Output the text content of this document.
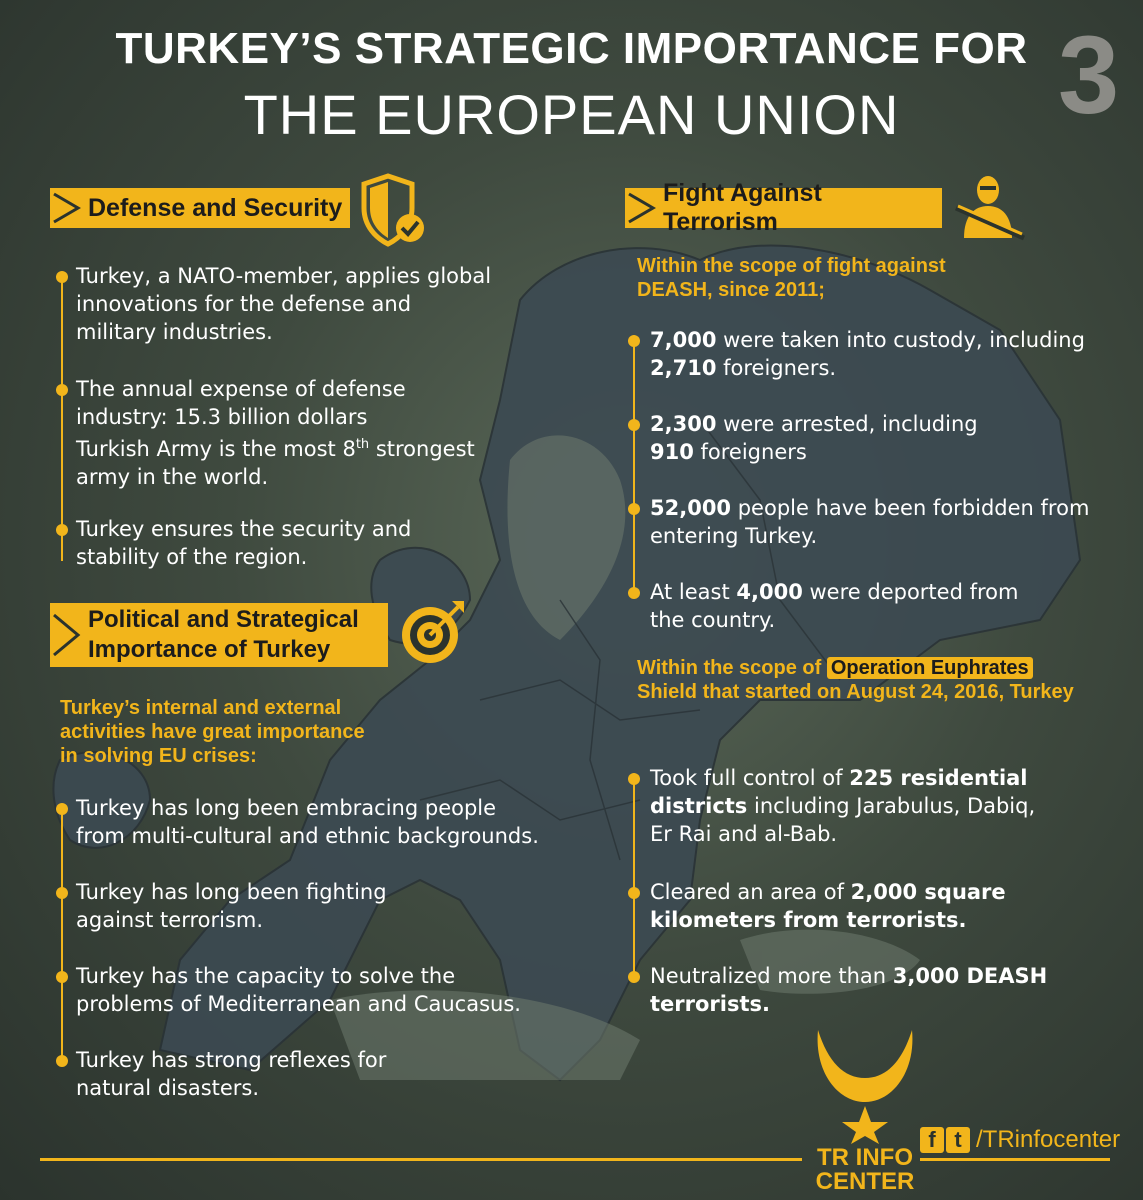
TURKEY’S STRATEGIC IMPORTANCE FOR
THE EUROPEAN UNION	3
Defense and Security
Turkey, a NATO-member, applies global
innovations for the defense and
military industries.
The annual expense of defense
industry: 15.3 billion dollars
Turkish Army is the most 8th strongest
army in the world.
Turkey ensures the security and
stability of the region.
Political and Strategical
Importance of Turkey
Turkey’s internal and external
activities have great importance
in solving EU crises:
Turkey has long been embracing people
from multi-cultural and ethnic backgrounds.
Turkey has long been fighting
against terrorism.
Turkey has the capacity to solve the
problems of Mediterranean and Caucasus.
Turkey has strong reflexes for
natural disasters.
Fight Against Terrorism
Within the scope of fight against
DEASH, since 2011;
7,000 were taken into custody, including
2,710 foreigners.
2,300 were arrested, including
910 foreigners
52,000 people have been forbidden from
entering Turkey.
At least 4,000 were deported from
the country.
Within the scope of Operation Euphrates
Shield that started on August 24, 2016, Turkey
Took full control of 225 residential
districts including Jarabulus, Dabiq,
Er Rai and al-Bab.
Cleared an area of 2,000 square
kilometers from terrorists.
Neutralized more than 3,000 DEASH
terrorists.
TR INFO
CENTER
f t /TRinfocenter
